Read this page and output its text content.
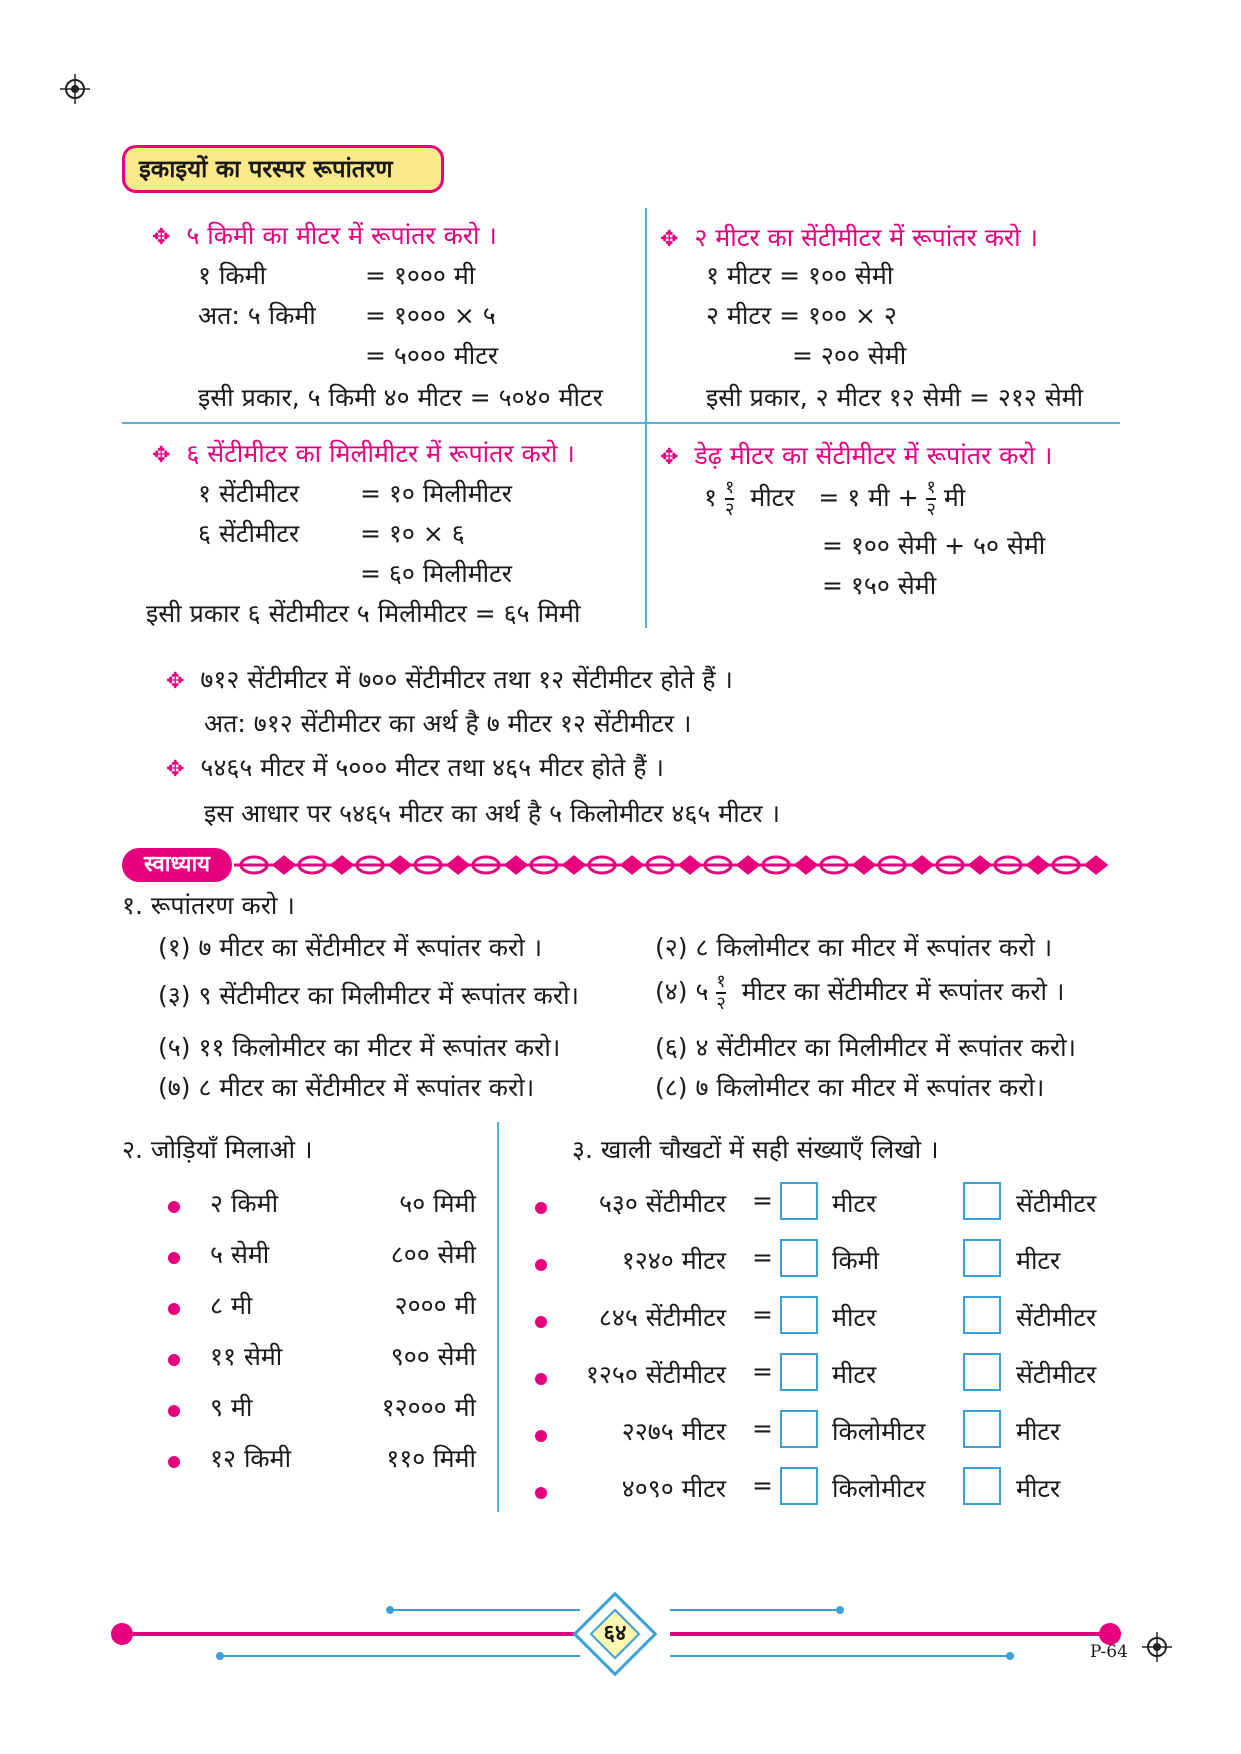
इकाइयों का परस्पर रूपांतरण
✥ ५ किमी का मीटर में रूपांतर करो ।
१ किमी	= १००० मी
अत: ५ किमी = १००० × ५
= ५००० मीटर
इसी प्रकार, ५ किमी ४० मीटर = ५०४० मीटर
✥ २ मीटर का सेंटीमीटर में रूपांतर करो ।
१ मीटर = १०० सेमी
२ मीटर = १०० × २
= २०० सेमी
इसी प्रकार, २ मीटर १२ सेमी = २१२ सेमी
✥ ६ सेंटीमीटर का मिलीमीटर में रूपांतर करो ।
१ सेंटीमीटर = १० मिलीमीटर
६ सेंटीमीटर = १० × ६
= ६० मिलीमीटर
इसी प्रकार ६ सेंटीमीटर ५ मिलीमीटर = ६५ मिमी
✥ डेढ़ मीटर का सेंटीमीटर में रूपांतर करो ।
१ $\frac{१}{२}$ मीटर = १ मी + $\frac{१}{२}$ मी
= १०० सेमी + ५० सेमी
= १५० सेमी
✥ ७१२ सेंटीमीटर में ७०० सेंटीमीटर तथा १२ सेंटीमीटर होते हैं ।
अत: ७१२ सेंटीमीटर का अर्थ है ७ मीटर १२ सेंटीमीटर ।
✥ ५४६५ मीटर में ५००० मीटर तथा ४६५ मीटर होते हैं ।
इस आधार पर ५४६५ मीटर का अर्थ है ५ किलोमीटर ४६५ मीटर ।
स्वाध्याय
१. रूपांतरण करो ।
(१) ७ मीटर का सेंटीमीटर में रूपांतर करो ।	(२) ८ किलोमीटर का मीटर में रूपांतर करो ।
(३) ९ सेंटीमीटर का मिलीमीटर में रूपांतर करो।	(४) ५ $\frac{१}{२}$ मीटर का सेंटीमीटर में रूपांतर करो ।
(५) ११ किलोमीटर का मीटर में रूपांतर करो।	(६) ४ सेंटीमीटर का मिलीमीटर में रूपांतर करो।
(७) ८ मीटर का सेंटीमीटर में रूपांतर करो।	(८) ७ किलोमीटर का मीटर में रूपांतर करो।
२. जोड़ियाँ मिलाओ ।
२ किमी	५० मिमी
५ सेमी	८०० सेमी
८ मी	२००० मी
११ सेमी	९०० सेमी
९ मी	१२००० मी
१२ किमी	११० मिमी
३. खाली चौखटों में सही संख्याएँ लिखो ।
५३० सेंटीमीटर = मीटर	सेंटीमीटर
१२४० मीटर = किमी	मीटर
८४५ सेंटीमीटर = मीटर	सेंटीमीटर
१२५० सेंटीमीटर = मीटर	सेंटीमीटर
२२७५ मीटर = किलोमीटर	मीटर
४०९० मीटर = किलोमीटर	मीटर
६४
P-64
